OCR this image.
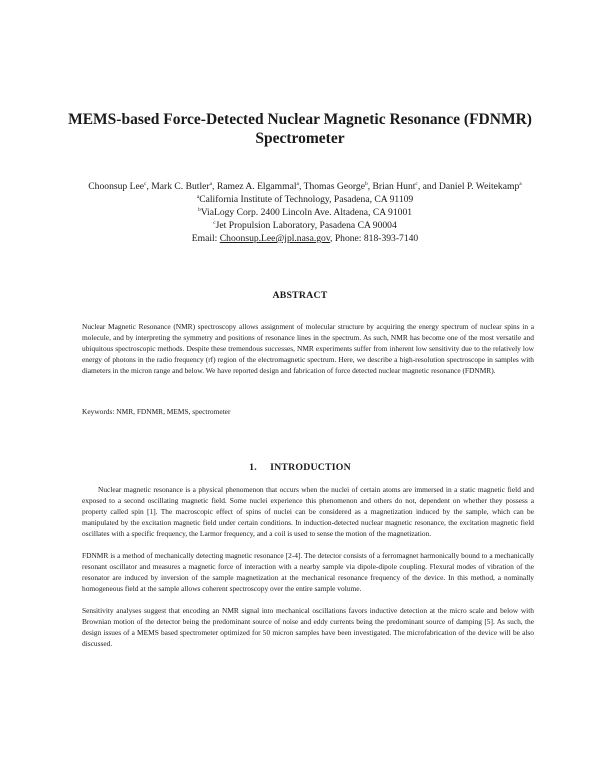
MEMS-based Force-Detected Nuclear Magnetic Resonance (FDNMR) Spectrometer
Choonsup Lee$^c$, Mark C. Butler$^a$, Ramez A. Elgammal$^a$, Thomas George$^b$, Brian Hunt$^c$, and Daniel P. Weitekamp$^a$
$^a$California Institute of Technology, Pasadena, CA 91109
$^b$ViaLogy Corp. 2400 Lincoln Ave. Altadena, CA 91001
$^c$Jet Propulsion Laboratory, Pasadena CA 90004
Email: Choonsup.Lee@jpl.nasa.gov, Phone: 818-393-7140
ABSTRACT

Nuclear Magnetic Resonance (NMR) spectroscopy allows assignment of molecular structure by acquiring the energy spectrum of nuclear spins in a molecule, and by interpreting the symmetry and positions of resonance lines in the spectrum. As such, NMR has become one of the most versatile and ubiquitous spectroscopic methods. Despite these tremendous successes, NMR experiments suffer from inherent low sensitivity due to the relatively low energy of photons in the radio frequency (rf) region of the electromagnetic spectrum. Here, we describe a high-resolution spectroscope in samples with diameters in the micron range and below. We have reported design and fabrication of force detected nuclear magnetic resonance (FDNMR).

Keywords: NMR, FDNMR, MEMS, spectrometer

1.     INTRODUCTION

Nuclear magnetic resonance is a physical phenomenon that occurs when the nuclei of certain atoms are immersed in a static magnetic field and exposed to a second oscillating magnetic field. Some nuclei experience this phenomenon and others do not, dependent on whether they possess a property called spin [1]. The macroscopic effect of spins of nuclei can be considered as a magnetization induced by the sample, which can be manipulated by the excitation magnetic field under certain conditions. In induction-detected nuclear magnetic resonance, the excitation magnetic field oscillates with a specific frequency, the Larmor frequency, and a coil is used to sense the motion of the magnetization.

FDNMR is a method of mechanically detecting magnetic resonance [2-4]. The detector consists of a ferromagnet harmonically bound to a mechanically resonant oscillator and measures a magnetic force of interaction with a nearby sample via dipole-dipole coupling. Flexural modes of vibration of the resonator are induced by inversion of the sample magnetization at the mechanical resonance frequency of the device. In this method, a nominally homogeneous field at the sample allows coherent spectroscopy over the entire sample volume.

Sensitivity analyses suggest that encoding an NMR signal into mechanical oscillations favors inductive detection at the micro scale and below with Brownian motion of the detector being the predominant source of noise and eddy currents being the predominant source of damping [5]. As such, the design issues of a MEMS based spectrometer optimized for 50 micron samples have been investigated. The microfabrication of the device will be also discussed.
